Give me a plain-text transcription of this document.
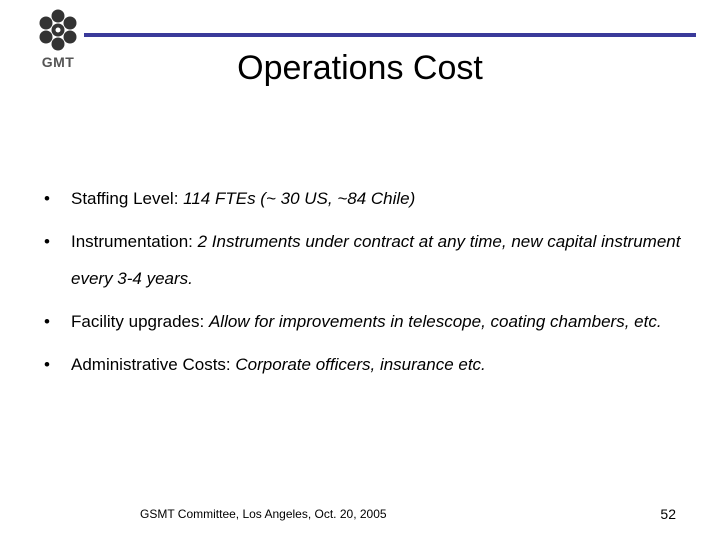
GMT	Operations Cost
• Staffing Level: 114 FTEs (~ 30 US, ~84 Chile)
• Instrumentation: 2 Instruments under contract at any time, new capital instrument every 3-4 years.
• Facility upgrades: Allow for improvements in telescope, coating chambers, etc.
• Administrative Costs: Corporate officers, insurance etc.
GSMT Committee, Los Angeles, Oct. 20, 2005	52
